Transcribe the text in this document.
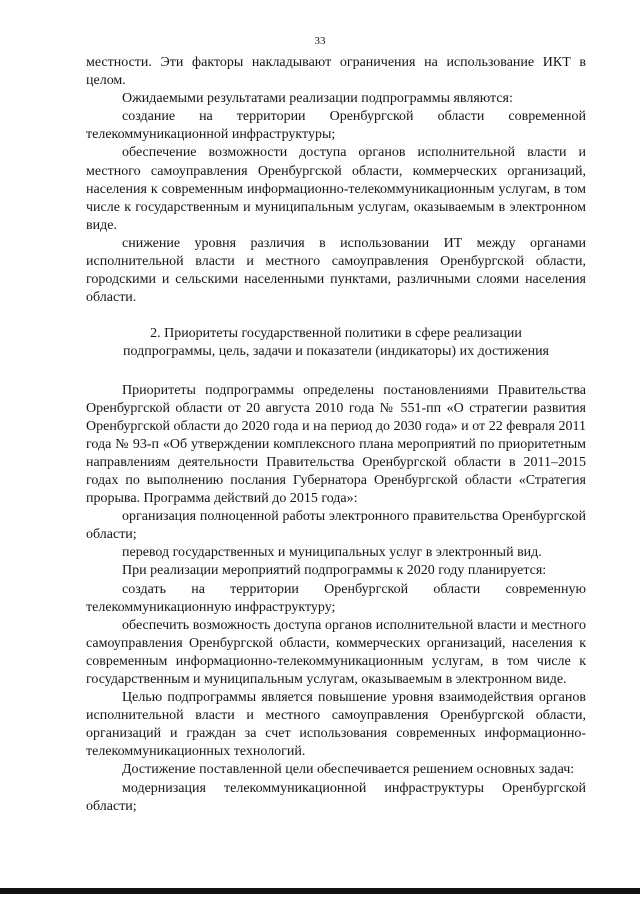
33

местности. Эти факторы накладывают ограничения на использование ИКТ в целом.

Ожидаемыми результатами реализации подпрограммы являются:

создание на территории Оренбургской области современной телекоммуникационной инфраструктуры;

обеспечение возможности доступа органов исполнительной власти и местного самоуправления Оренбургской области, коммерческих организаций, населения к современным информационно-телекоммуникационным услугам, в том числе к государственным и муниципальным услугам, оказываемым в электронном виде.

снижение уровня различия в использовании ИТ между органами исполнительной власти и местного самоуправления Оренбургской области, городскими и сельскими населенными пунктами, различными слоями населения области.

2. Приоритеты государственной политики в сфере реализации
подпрограммы, цель, задачи и показатели (индикаторы) их достижения

Приоритеты подпрограммы определены постановлениями Правительства Оренбургской области от 20 августа 2010 года № 551-пп «О стратегии развития Оренбургской области до 2020 года и на период до 2030 года» и от 22 февраля 2011 года № 93-п «Об утверждении комплексного плана мероприятий по приоритетным направлениям деятельности Правительства Оренбургской области в 2011–2015 годах по выполнению послания Губернатора Оренбургской области «Стратегия прорыва. Программа действий до 2015 года»:

организация полноценной работы электронного правительства Оренбургской области;

перевод государственных и муниципальных услуг в электронный вид.

При реализации мероприятий подпрограммы к 2020 году планируется:

создать на территории Оренбургской области современную телекоммуникационную инфраструктуру;

обеспечить возможность доступа органов исполнительной власти и местного самоуправления Оренбургской области, коммерческих организаций, населения к современным информационно-телекоммуникационным услугам, в том числе к государственным и муниципальным услугам, оказываемым в электронном виде.

Целью подпрограммы является повышение уровня взаимодействия органов исполнительной власти и местного самоуправления Оренбургской области, организаций и граждан за счет использования современных информационно-телекоммуникационных технологий.

Достижение поставленной цели обеспечивается решением основных задач:

модернизация телекоммуникационной инфраструктуры Оренбургской области;
